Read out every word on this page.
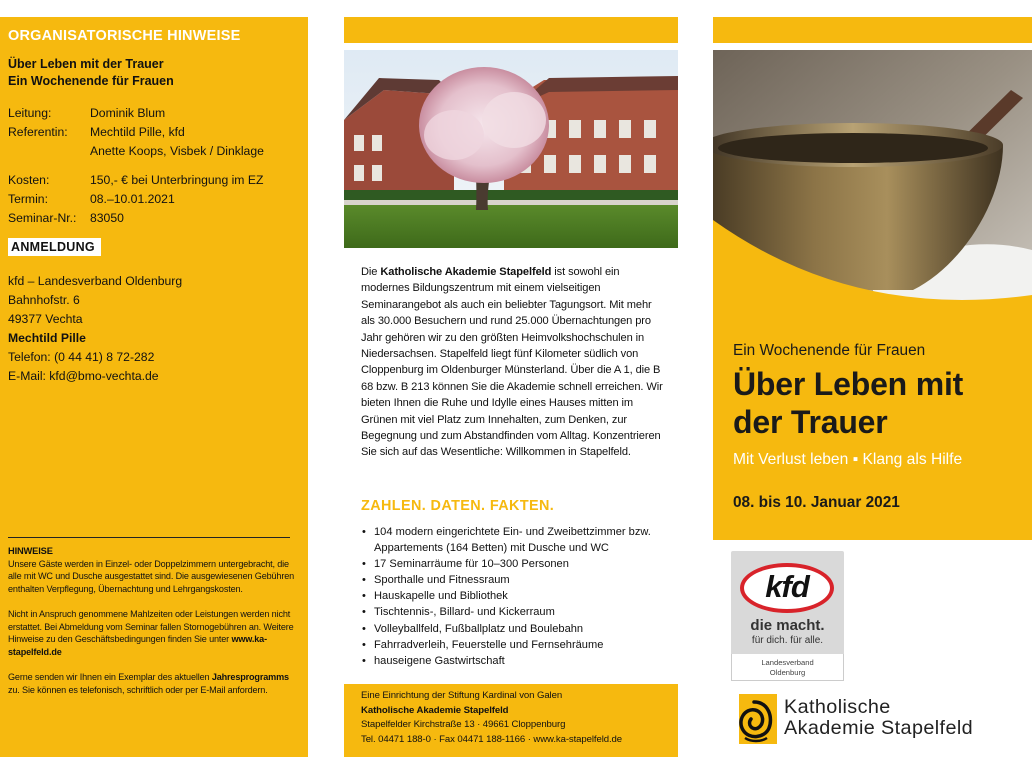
ORGANISATORISCHE HINWEISE
Über Leben mit der Trauer
Ein Wochenende für Frauen
Leitung:	Dominik Blum
Referentin:	Mechtild Pille, kfd
Anette Koops, Visbek / Dinklage
Kosten:	150,- € bei Unterbringung im EZ
Termin:	08.–10.01.2021
Seminar-Nr.:	83050
ANMELDUNG
kfd – Landesverband Oldenburg
Bahnhofstr. 6
49377 Vechta
Mechtild Pille
Telefon: (0 44 41) 8 72-282
E-Mail: kfd@bmo-vechta.de
HINWEISE

Unsere Gäste werden in Einzel- oder Doppelzimmern untergebracht, die alle mit WC und Dusche ausgestattet sind. Die ausgewiesenen Gebühren enthalten Verpflegung, Übernachtung und Lehrgangskosten.

Nicht in Anspruch genommene Mahlzeiten oder Leistungen werden nicht erstattet. Bei Abmeldung vom Seminar fallen Stornogebühren an. Weitere Hinweise zu den Geschäftsbedingungen finden Sie unter www.ka-stapelfeld.de

Gerne senden wir Ihnen ein Exemplar des aktuellen Jahresprogramms zu. Sie können es telefonisch, schriftlich oder per E-Mail anfordern.

Die Katholische Akademie Stapelfeld ist sowohl ein modernes Bildungszentrum mit einem vielseitigen Seminarangebot als auch ein beliebter Tagungsort. Mit mehr als 30.000 Besuchern und rund 25.000 Übernachtungen pro Jahr gehören wir zu den größten Heimvolkshochschulen in Niedersachsen. Stapelfeld liegt fünf Kilometer südlich von Cloppenburg im Oldenburger Münsterland. Über die A 1, die B 68 bzw. B 213 können Sie die Akademie schnell erreichen. Wir bieten Ihnen die Ruhe und Idylle eines Hauses mitten im Grünen mit viel Platz zum Innehalten, zum Denken, zur Begegnung und zum Abstandfinden vom Alltag. Konzentrieren Sie sich auf das Wesentliche: Willkommen in Stapelfeld.
ZAHLEN. DATEN. FAKTEN.
• 104 modern eingerichtete Ein- und Zweibettzimmer bzw. Appartements (164 Betten) mit Dusche und WC
• 17 Seminarräume für 10–300 Personen
• Sporthalle und Fitnessraum
• Hauskapelle und Bibliothek
• Tischtennis-, Billard- und Kickerraum
• Volleyballfeld, Fußballplatz und Boulebahn
• Fahrradverleih, Feuerstelle und Fernsehräume
• hauseigene Gastwirtschaft
Eine Einrichtung der Stiftung Kardinal von Galen
Katholische Akademie Stapelfeld
Stapelfelder Kirchstraße 13 · 49661 Cloppenburg
Tel. 04471 188-0 · Fax 04471 188-1166 · www.ka-stapelfeld.de
Ein Wochenende für Frauen
Über Leben mit
der Trauer
Mit Verlust leben ▪ Klang als Hilfe
08. bis 10. Januar 2021
kfd
die macht.
für dich. für alle.
Landesverband
Oldenburg
Katholische
Akademie Stapelfeld
